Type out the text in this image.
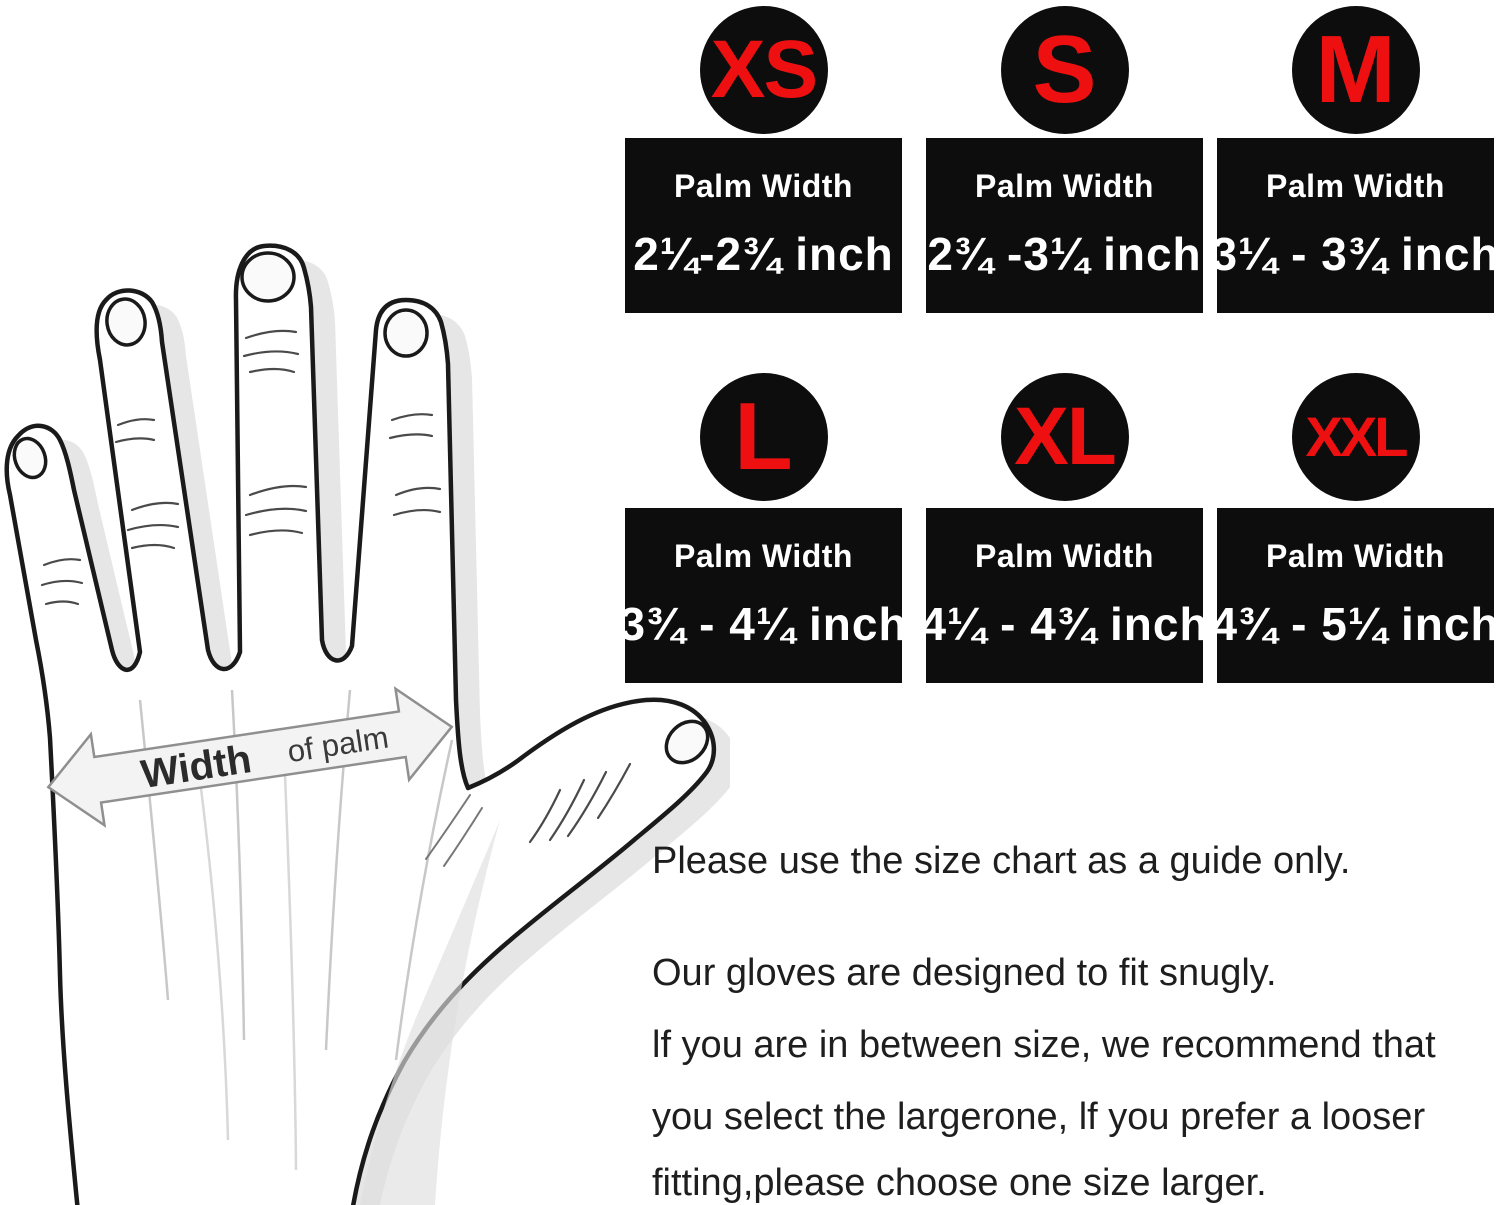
Width of palm
XS
Palm Width
2¼-2¾ inch
S
Palm Width
2¾ -3¼ inch
M
Palm Width
3¼ - 3¾ inch
L
Palm Width
3¾ - 4¼ inch
XL
Palm Width
4¼ - 4¾ inch
XXL
Palm Width
4¾ - 5¼ inch
Please use the size chart as a guide only.
Our gloves are designed to fit snugly.
lf you are in between size, we recommend that
you select the largerone, lf you prefer a looser
fitting,please choose one size larger.
